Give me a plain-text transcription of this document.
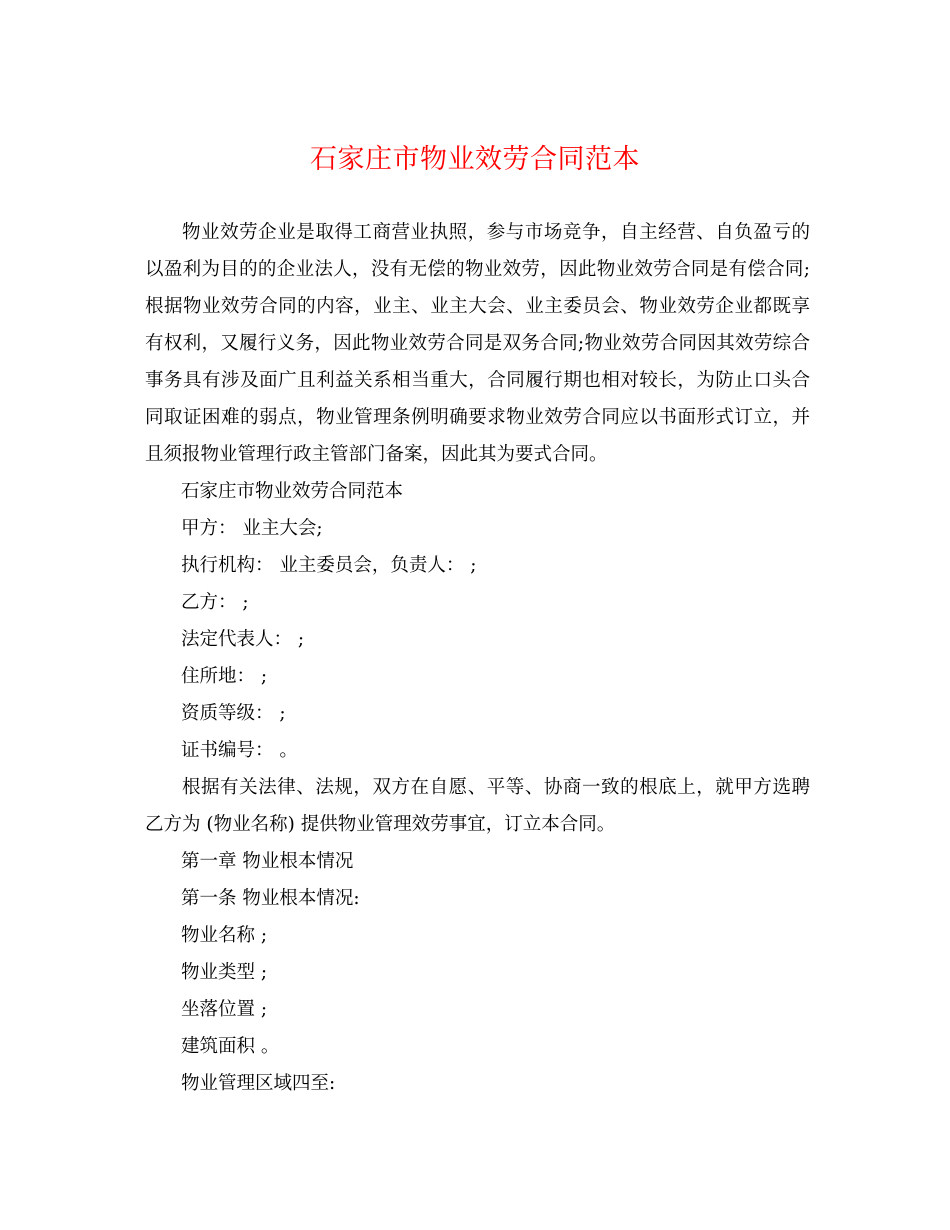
石家庄市物业效劳合同范本

物业效劳企业是取得工商营业执照，参与市场竞争，自主经营、自负盈亏的以盈利为目的的企业法人，没有无偿的物业效劳，因此物业效劳合同是有偿合同;根据物业效劳合同的内容，业主、业主大会、业主委员会、物业效劳企业都既享有权利，又履行义务，因此物业效劳合同是双务合同;物业效劳合同因其效劳综合事务具有涉及面广且利益关系相当重大，合同履行期也相对较长，为防止口头合同取证困难的弱点，物业管理条例明确要求物业效劳合同应以书面形式订立，并且须报物业管理行政主管部门备案，因此其为要式合同。

石家庄市物业效劳合同范本

甲方： 业主大会;

执行机构： 业主委员会，负责人： ;

乙方： ;

法定代表人： ;

住所地： ;

资质等级： ;

证书编号： 。

根据有关法律、法规，双方在自愿、平等、协商一致的根底上，就甲方选聘乙方为 (物业名称) 提供物业管理效劳事宜，订立本合同。

第一章 物业根本情况

第一条 物业根本情况:

物业名称 ;

物业类型 ;

坐落位置 ;

建筑面积 。

物业管理区域四至:
